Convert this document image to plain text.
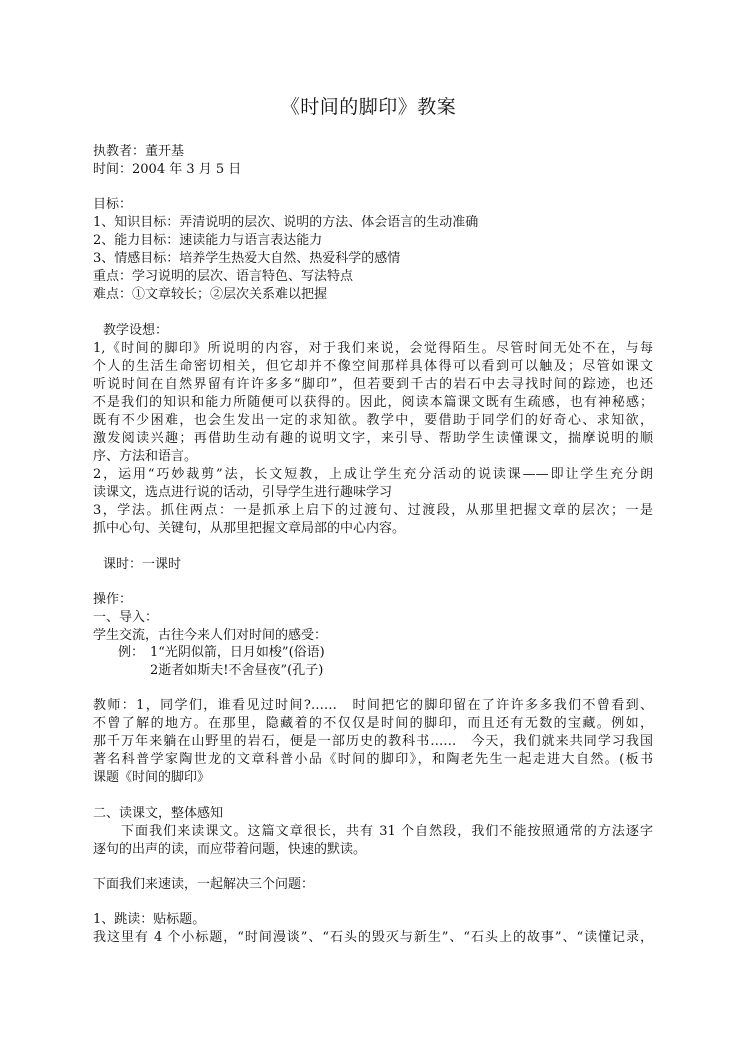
《时间的脚印》教案
执教者：董开基
时间：2004 年 3 月 5 日
目标：
1、知识目标：弄清说明的层次、说明的方法、体会语言的生动准确
2、能力目标：速读能力与语言表达能力
3、情感目标：培养学生热爱大自然、热爱科学的感情
重点：学习说明的层次、语言特色、写法特点
难点：①文章较长；②层次关系难以把握
教学设想：
1,《时间的脚印》所说明的内容，对于我们来说，会觉得陌生。尽管时间无处不在，与每
个人的生活生命密切相关，但它却并不像空间那样具体得可以看到可以触及；尽管如课文
听说时间在自然界留有许许多多“脚印”，但若要到千古的岩石中去寻找时间的踪迹，也还
不是我们的知识和能力所随便可以获得的。因此，阅读本篇课文既有生疏感，也有神秘感；
既有不少困难，也会生发出一定的求知欲。教学中，要借助于同学们的好奇心、求知欲，
激发阅读兴趣；再借助生动有趣的说明文字，来引导、帮助学生读懂课文，揣摩说明的顺
序、方法和语言。
2，运用“巧妙裁剪”法，长文短教，上成让学生充分活动的说读课——即让学生充分朗
读课文，选点进行说的话动，引导学生进行趣味学习
3，学法。抓住两点：一是抓承上启下的过渡句、过渡段，从那里把握文章的层次；一是
抓中心句、关键句，从那里把握文章局部的中心内容。
课时：一课时
操作：
一、导入：
学生交流，古往今来人们对时间的感受：
例： 1“光阴似箭，日月如梭”(俗语)
2逝者如斯夫!不舍昼夜”(孔子)
教师：1，同学们，谁看见过时间?……　时间把它的脚印留在了许许多多我们不曾看到、
不曾了解的地方。在那里，隐藏着的不仅仅是时间的脚印，而且还有无数的宝藏。例如，
那千万年来躺在山野里的岩石，便是一部历史的教科书……　今天，我们就来共同学习我国
著名科普学家陶世龙的文章科普小品《时间的脚印》，和陶老先生一起走进大自然。(板书
课题《时间的脚印》
二、读课文，整体感知
下面我们来读课文。这篇文章很长，共有 31 个自然段，我们不能按照通常的方法逐字
逐句的出声的读，而应带着问题，快速的默读。
下面我们来速读，一起解决三个问题：
1、跳读：贴标题。
我这里有 4 个小标题，“时间漫谈”、“石头的毁灭与新生”、“石头上的故事”、“读懂记录，
